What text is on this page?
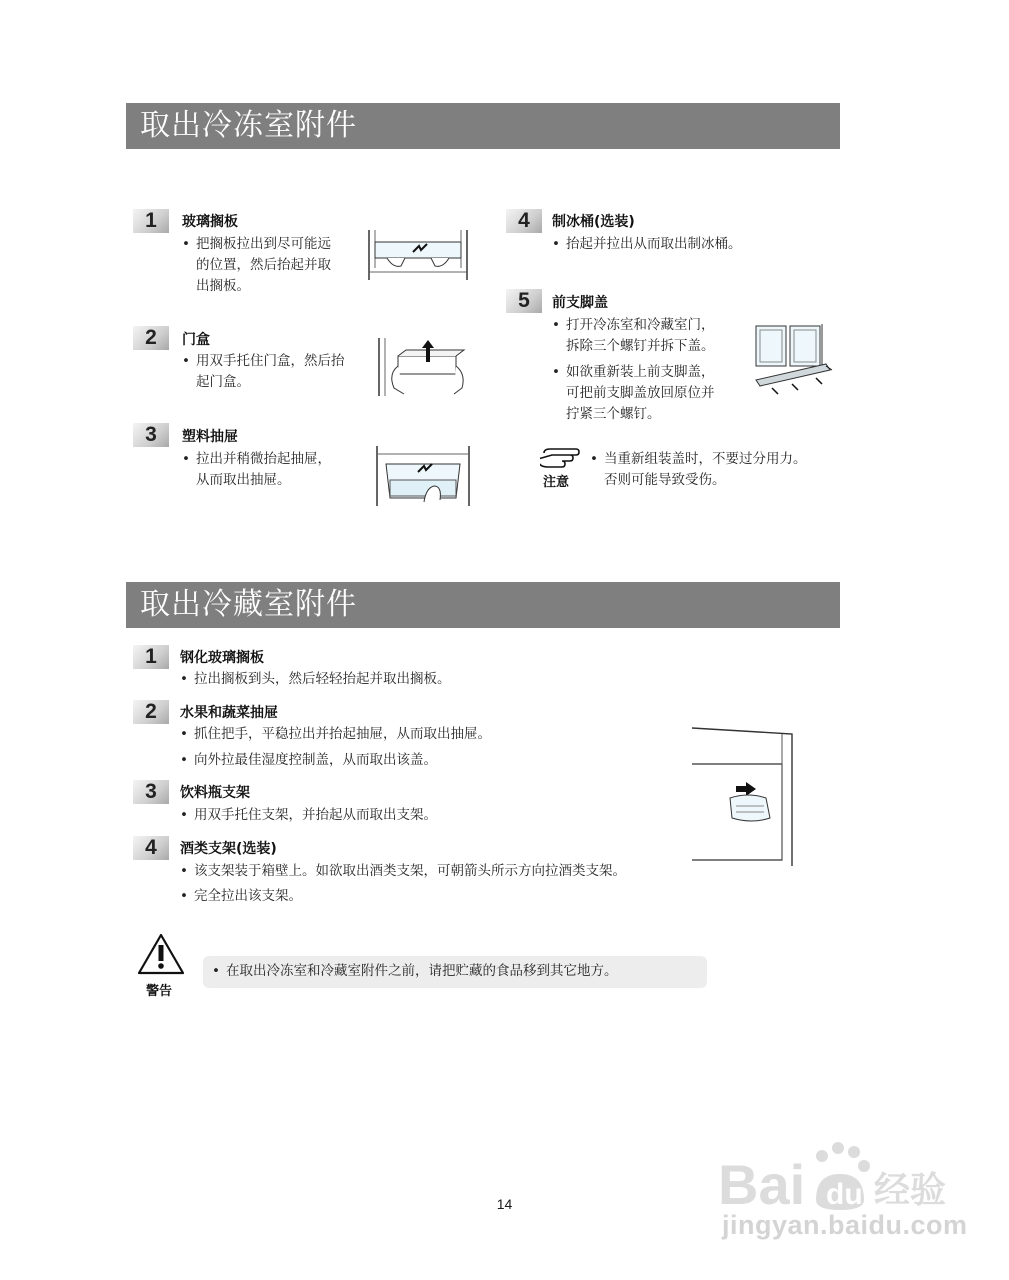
取出冷冻室附件
1	玻璃搁板
• 把搁板拉出到尽可能远
的位置，然后抬起并取
出搁板。
2	门盒
• 用双手托住门盒，然后抬
起门盒。
3	塑料抽屉
• 拉出并稍微抬起抽屉，
从而取出抽屉。
4	制冰桶(选装)
• 抬起并拉出从而取出制冰桶。
5	前支脚盖
• 打开冷冻室和冷藏室门，
拆除三个螺钉并拆下盖。
• 如欲重新装上前支脚盖，
可把前支脚盖放回原位并
拧紧三个螺钉。
注意
• 当重新组装盖时，不要过分用力。
否则可能导致受伤。
取出冷藏室附件
1	钢化玻璃搁板
• 拉出搁板到头，然后轻轻抬起并取出搁板。
2	水果和蔬菜抽屉
• 抓住把手，平稳拉出并抬起抽屉，从而取出抽屉。
• 向外拉最佳湿度控制盖，从而取出该盖。
3	饮料瓶支架
• 用双手托住支架，并抬起从而取出支架。
4	酒类支架(选装)
• 该支架装于箱壁上。如欲取出酒类支架，可朝箭头所示方向拉酒类支架。
• 完全拉出该支架。
警告
• 在取出冷冻室和冷藏室附件之前，请把贮藏的食品移到其它地方。
14	Bai du 经验
jingyan.baidu.com
